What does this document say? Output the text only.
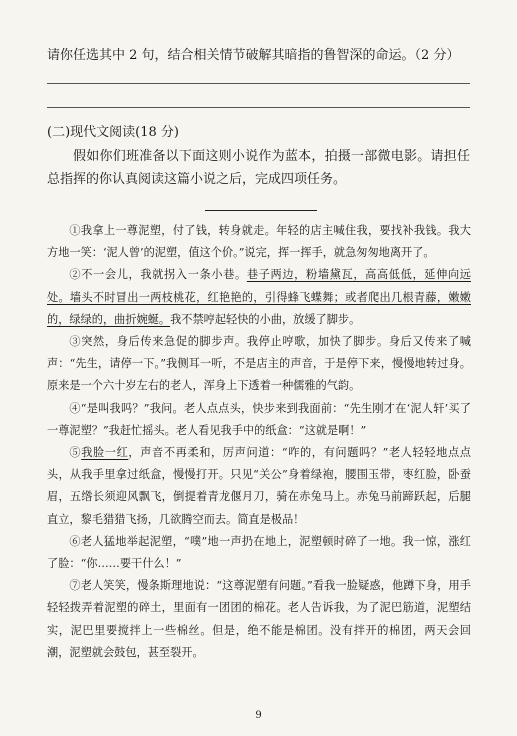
请你任选其中 2 句，结合相关情节破解其暗指的鲁智深的命运。（2 分）
(二)现代文阅读(18 分)
假如你们班准备以下面这则小说作为蓝本，拍摄一部微电影。请担任总指挥的你认真阅读这篇小说之后，完成四项任务。

①我拿上一尊泥塑，付了钱，转身就走。年轻的店主喊住我，要找补我钱。我大方地一笑：‘泥人曾’的泥塑，值这个价。”说完，挥一挥手，就急匆匆地离开了。

②不一会儿，我就拐入一条小巷。巷子两边，粉墙黛瓦，高高低低，延伸向远处。墙头不时冒出一两枝桃花，红艳艳的，引得蜂飞蝶舞；或者爬出几根青藤，嫩嫩的，绿绿的，曲折婉蜒。我不禁哼起轻快的小曲，放缓了脚步。

③突然，身后传来急促的脚步声。我停止哼歌，加快了脚步。身后又传来了喊声：“先生，请停一下。”我侧耳一听，不是店主的声音，于是停下来，慢慢地转过身。原来是一个六十岁左右的老人，浑身上下透着一种儒雅的气韵。

④“是叫我吗？”我问。老人点点头，快步来到我面前：“先生刚才在‘泥人轩’买了一尊泥塑？”我赶忙摇头。老人看见我手中的纸盒：“这就是啊！”

⑤我脸一红，声音不再柔和，厉声问道：“咋的，有问题吗？”老人轻轻地点点头，从我手里拿过纸盒，慢慢打开。只见“关公”身着绿袍，腰围玉带，枣红脸，卧蚕眉，五绺长须迎风飘飞，倒提着青龙偃月刀，骑在赤兔马上。赤兔马前蹄跃起，后腿直立，黎毛猎猎飞扬，几欲腾空而去。简直是极品！

⑥老人猛地举起泥塑，“噗”地一声扔在地上，泥塑顿时碎了一地。我一惊，涨红了脸：“你……要干什么！”

⑦老人笑笑，慢条斯理地说：“这尊泥塑有问题。”看我一脸疑惑，他蹲下身，用手轻轻拨弄着泥塑的碎土，里面有一团团的棉花。老人告诉我，为了泥巴筋道，泥塑结实，泥巴里要搅拌上一些棉丝。但是，绝不能是棉团。没有拌开的棉团，两天会回潮，泥塑就会鼓包，甚至裂开。

9
